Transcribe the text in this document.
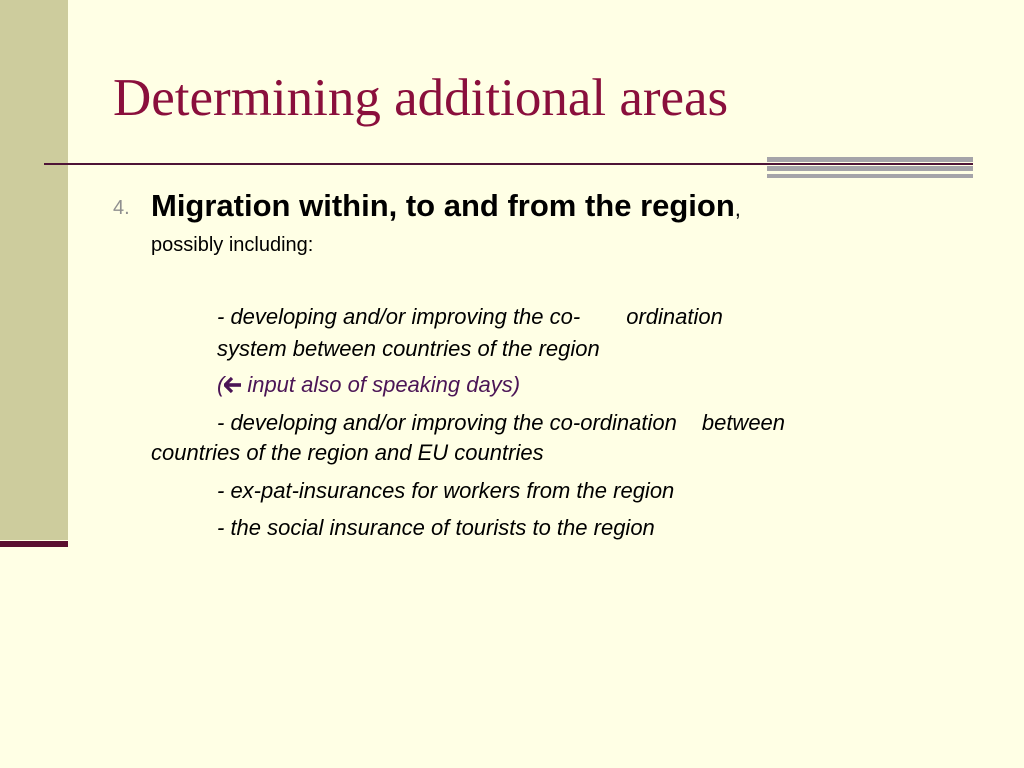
Determining additional areas
4. Migration within, to and from the region,
possibly including:
- developing and/or improving the co- ordination
system between countries of the region
( input also of speaking days)
- developing and/or improving the co-ordination between
countries of the region and EU countries
- ex-pat-insurances for workers from the region
- the social insurance of tourists to the region
